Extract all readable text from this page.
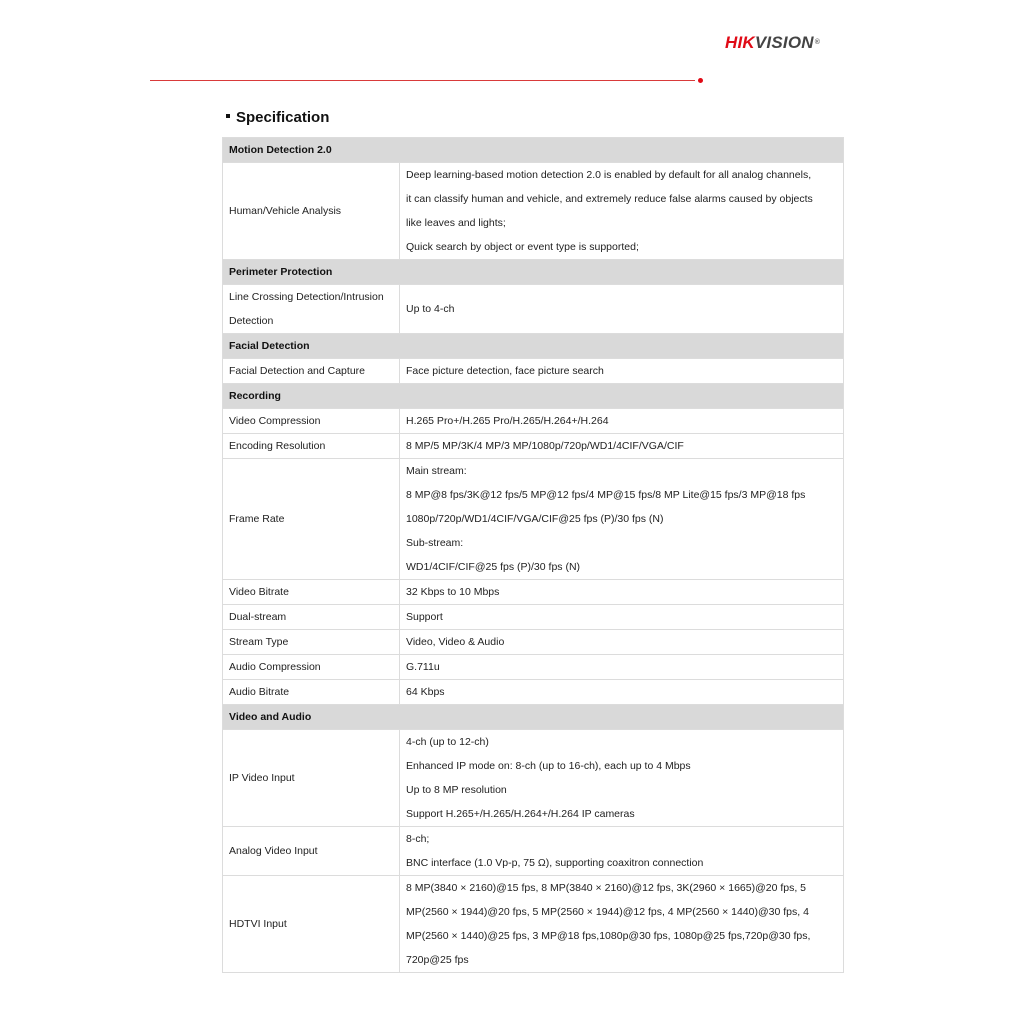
HIKVISION®
Specification
Motion Detection 2.0	
Human/Vehicle Analysis	Deep learning-based motion detection 2.0 is enabled by default for all analog channels,
it can classify human and vehicle, and extremely reduce false alarms caused by objects
like leaves and lights;
Quick search by object or event type is supported;

Perimeter Protection	
Line Crossing Detection/Intrusion Detection	Up to 4-ch

Facial Detection	
Facial Detection and Capture	Face picture detection, face picture search

Recording	
Video Compression	H.265 Pro+/H.265 Pro/H.265/H.264+/H.264

Encoding Resolution	8 MP/5 MP/3K/4 MP/3 MP/1080p/720p/WD1/4CIF/VGA/CIF

Frame Rate	Main stream:
8 MP@8 fps/3K@12 fps/5 MP@12 fps/4 MP@15 fps/8 MP Lite@15 fps/3 MP@18 fps
1080p/720p/WD1/4CIF/VGA/CIF@25 fps (P)/30 fps (N)
Sub-stream:
WD1/4CIF/CIF@25 fps (P)/30 fps (N)

Video Bitrate	32 Kbps to 10 Mbps

Dual-stream	Support

Stream Type	Video, Video & Audio

Audio Compression	G.711u

Audio Bitrate	64 Kbps

Video and Audio	
IP Video Input	4-ch (up to 12-ch)
Enhanced IP mode on: 8-ch (up to 16-ch), each up to 4 Mbps
Up to 8 MP resolution
Support H.265+/H.265/H.264+/H.264 IP cameras

Analog Video Input	8-ch;
BNC interface (1.0 Vp-p, 75 Ω), supporting coaxitron connection

HDTVI Input	8 MP(3840 × 2160)@15 fps, 8 MP(3840 × 2160)@12 fps, 3K(2960 × 1665)@20 fps, 5
MP(2560 × 1944)@20 fps, 5 MP(2560 × 1944)@12 fps, 4 MP(2560 × 1440)@30 fps, 4
MP(2560 × 1440)@25 fps, 3 MP@18 fps,1080p@30 fps, 1080p@25 fps,720p@30 fps,
720p@25 fps
